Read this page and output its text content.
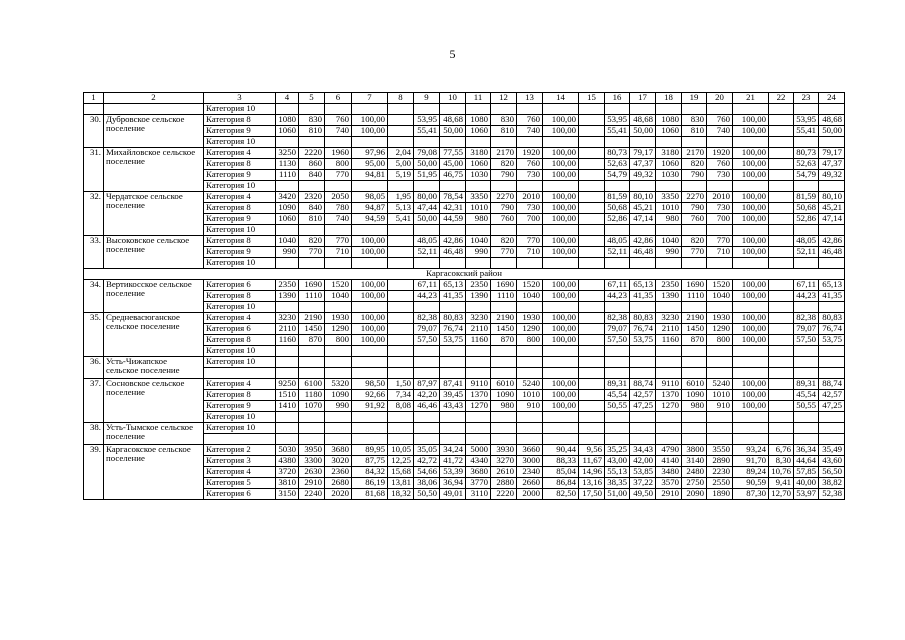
5
1	2	3	4	5	6	7	8	9	10	11	12	13	14	15	16	17	18	19	20	21	22	23	24
		Категория 10																					
30.	Дубровское сельское поселение	Категория 8	1080	830	760	100,00		53,95	48,68	1080	830	760	100,00		53,95	48,68	1080	830	760	100,00		53,95	48,68
		Категория 9	1060	810	740	100,00		55,41	50,00	1060	810	740	100,00		55,41	50,00	1060	810	740	100,00		55,41	50,00
		Категория 10																					
31.	Михайловское сельское поселение	Категория 4	3250	2220	1960	97,96	2,04	79,08	77,55	3180	2170	1920	100,00		80,73	79,17	3180	2170	1920	100,00		80,73	79,17
		Категория 8	1130	860	800	95,00	5,00	50,00	45,00	1060	820	760	100,00		52,63	47,37	1060	820	760	100,00		52,63	47,37
		Категория 9	1110	840	770	94,81	5,19	51,95	46,75	1030	790	730	100,00		54,79	49,32	1030	790	730	100,00		54,79	49,32
		Категория 10																					
32.	Чердатское сельское поселение	Категория 4	3420	2320	2050	98,05	1,95	80,00	78,54	3350	2270	2010	100,00		81,59	80,10	3350	2270	2010	100,00		81,59	80,10
		Категория 8	1090	840	780	94,87	5,13	47,44	42,31	1010	790	730	100,00		50,68	45,21	1010	790	730	100,00		50,68	45,21
		Категория 9	1060	810	740	94,59	5,41	50,00	44,59	980	760	700	100,00		52,86	47,14	980	760	700	100,00		52,86	47,14
		Категория 10																					
33.	Высоковское сельское поселение	Категория 8	1040	820	770	100,00		48,05	42,86	1040	820	770	100,00		48,05	42,86	1040	820	770	100,00		48,05	42,86
		Категория 9	990	770	710	100,00		52,11	46,48	990	770	710	100,00		52,11	46,48	990	770	710	100,00		52,11	46,48
		Категория 10																					
Каргасокский район																							
34.	Вертикосское сельское поселение	Категория 6	2350	1690	1520	100,00		67,11	65,13	2350	1690	1520	100,00		67,11	65,13	2350	1690	1520	100,00		67,11	65,13
		Категория 8	1390	1110	1040	100,00		44,23	41,35	1390	1110	1040	100,00		44,23	41,35	1390	1110	1040	100,00		44,23	41,35
		Категория 10																					
35.	Средневасюганское сельское поселение	Категория 4	3230	2190	1930	100,00		82,38	80,83	3230	2190	1930	100,00		82,38	80,83	3230	2190	1930	100,00		82,38	80,83
		Категория 6	2110	1450	1290	100,00		79,07	76,74	2110	1450	1290	100,00		79,07	76,74	2110	1450	1290	100,00		79,07	76,74
		Категория 8	1160	870	800	100,00		57,50	53,75	1160	870	800	100,00		57,50	53,75	1160	870	800	100,00		57,50	53,75
		Категория 10																					
36.	Усть-Чижапское сельское поселение	Категория 10																					

37.	Сосновское сельское поселение	Категория 4	9250	6100	5320	98,50	1,50	87,97	87,41	9110	6010	5240	100,00		89,31	88,74	9110	6010	5240	100,00		89,31	88,74
		Категория 8	1510	1180	1090	92,66	7,34	42,20	39,45	1370	1090	1010	100,00		45,54	42,57	1370	1090	1010	100,00		45,54	42,57
		Категория 9	1410	1070	990	91,92	8,08	46,46	43,43	1270	980	910	100,00		50,55	47,25	1270	980	910	100,00		50,55	47,25
		Категория 10																					
38.	Усть-Тымское сельское поселение	Категория 10																					

39.	Каргасокское сельское поселение	Категория 2	5030	3950	3680	89,95	10,05	35,05	34,24	5000	3930	3660	90,44	9,56	35,25	34,43	4790	3800	3550	93,24	6,76	36,34	35,49
		Категория 3	4380	3300	3020	87,75	12,25	42,72	41,72	4340	3270	3000	88,33	11,67	43,00	42,00	4140	3140	2890	91,70	8,30	44,64	43,60
		Категория 4	3720	2630	2360	84,32	15,68	54,66	53,39	3680	2610	2340	85,04	14,96	55,13	53,85	3480	2480	2230	89,24	10,76	57,85	56,50
		Категория 5	3810	2910	2680	86,19	13,81	38,06	36,94	3770	2880	2660	86,84	13,16	38,35	37,22	3570	2750	2550	90,59	9,41	40,00	38,82
		Категория 6	3150	2240	2020	81,68	18,32	50,50	49,01	3110	2220	2000	82,50	17,50	51,00	49,50	2910	2090	1890	87,30	12,70	53,97	52,38
